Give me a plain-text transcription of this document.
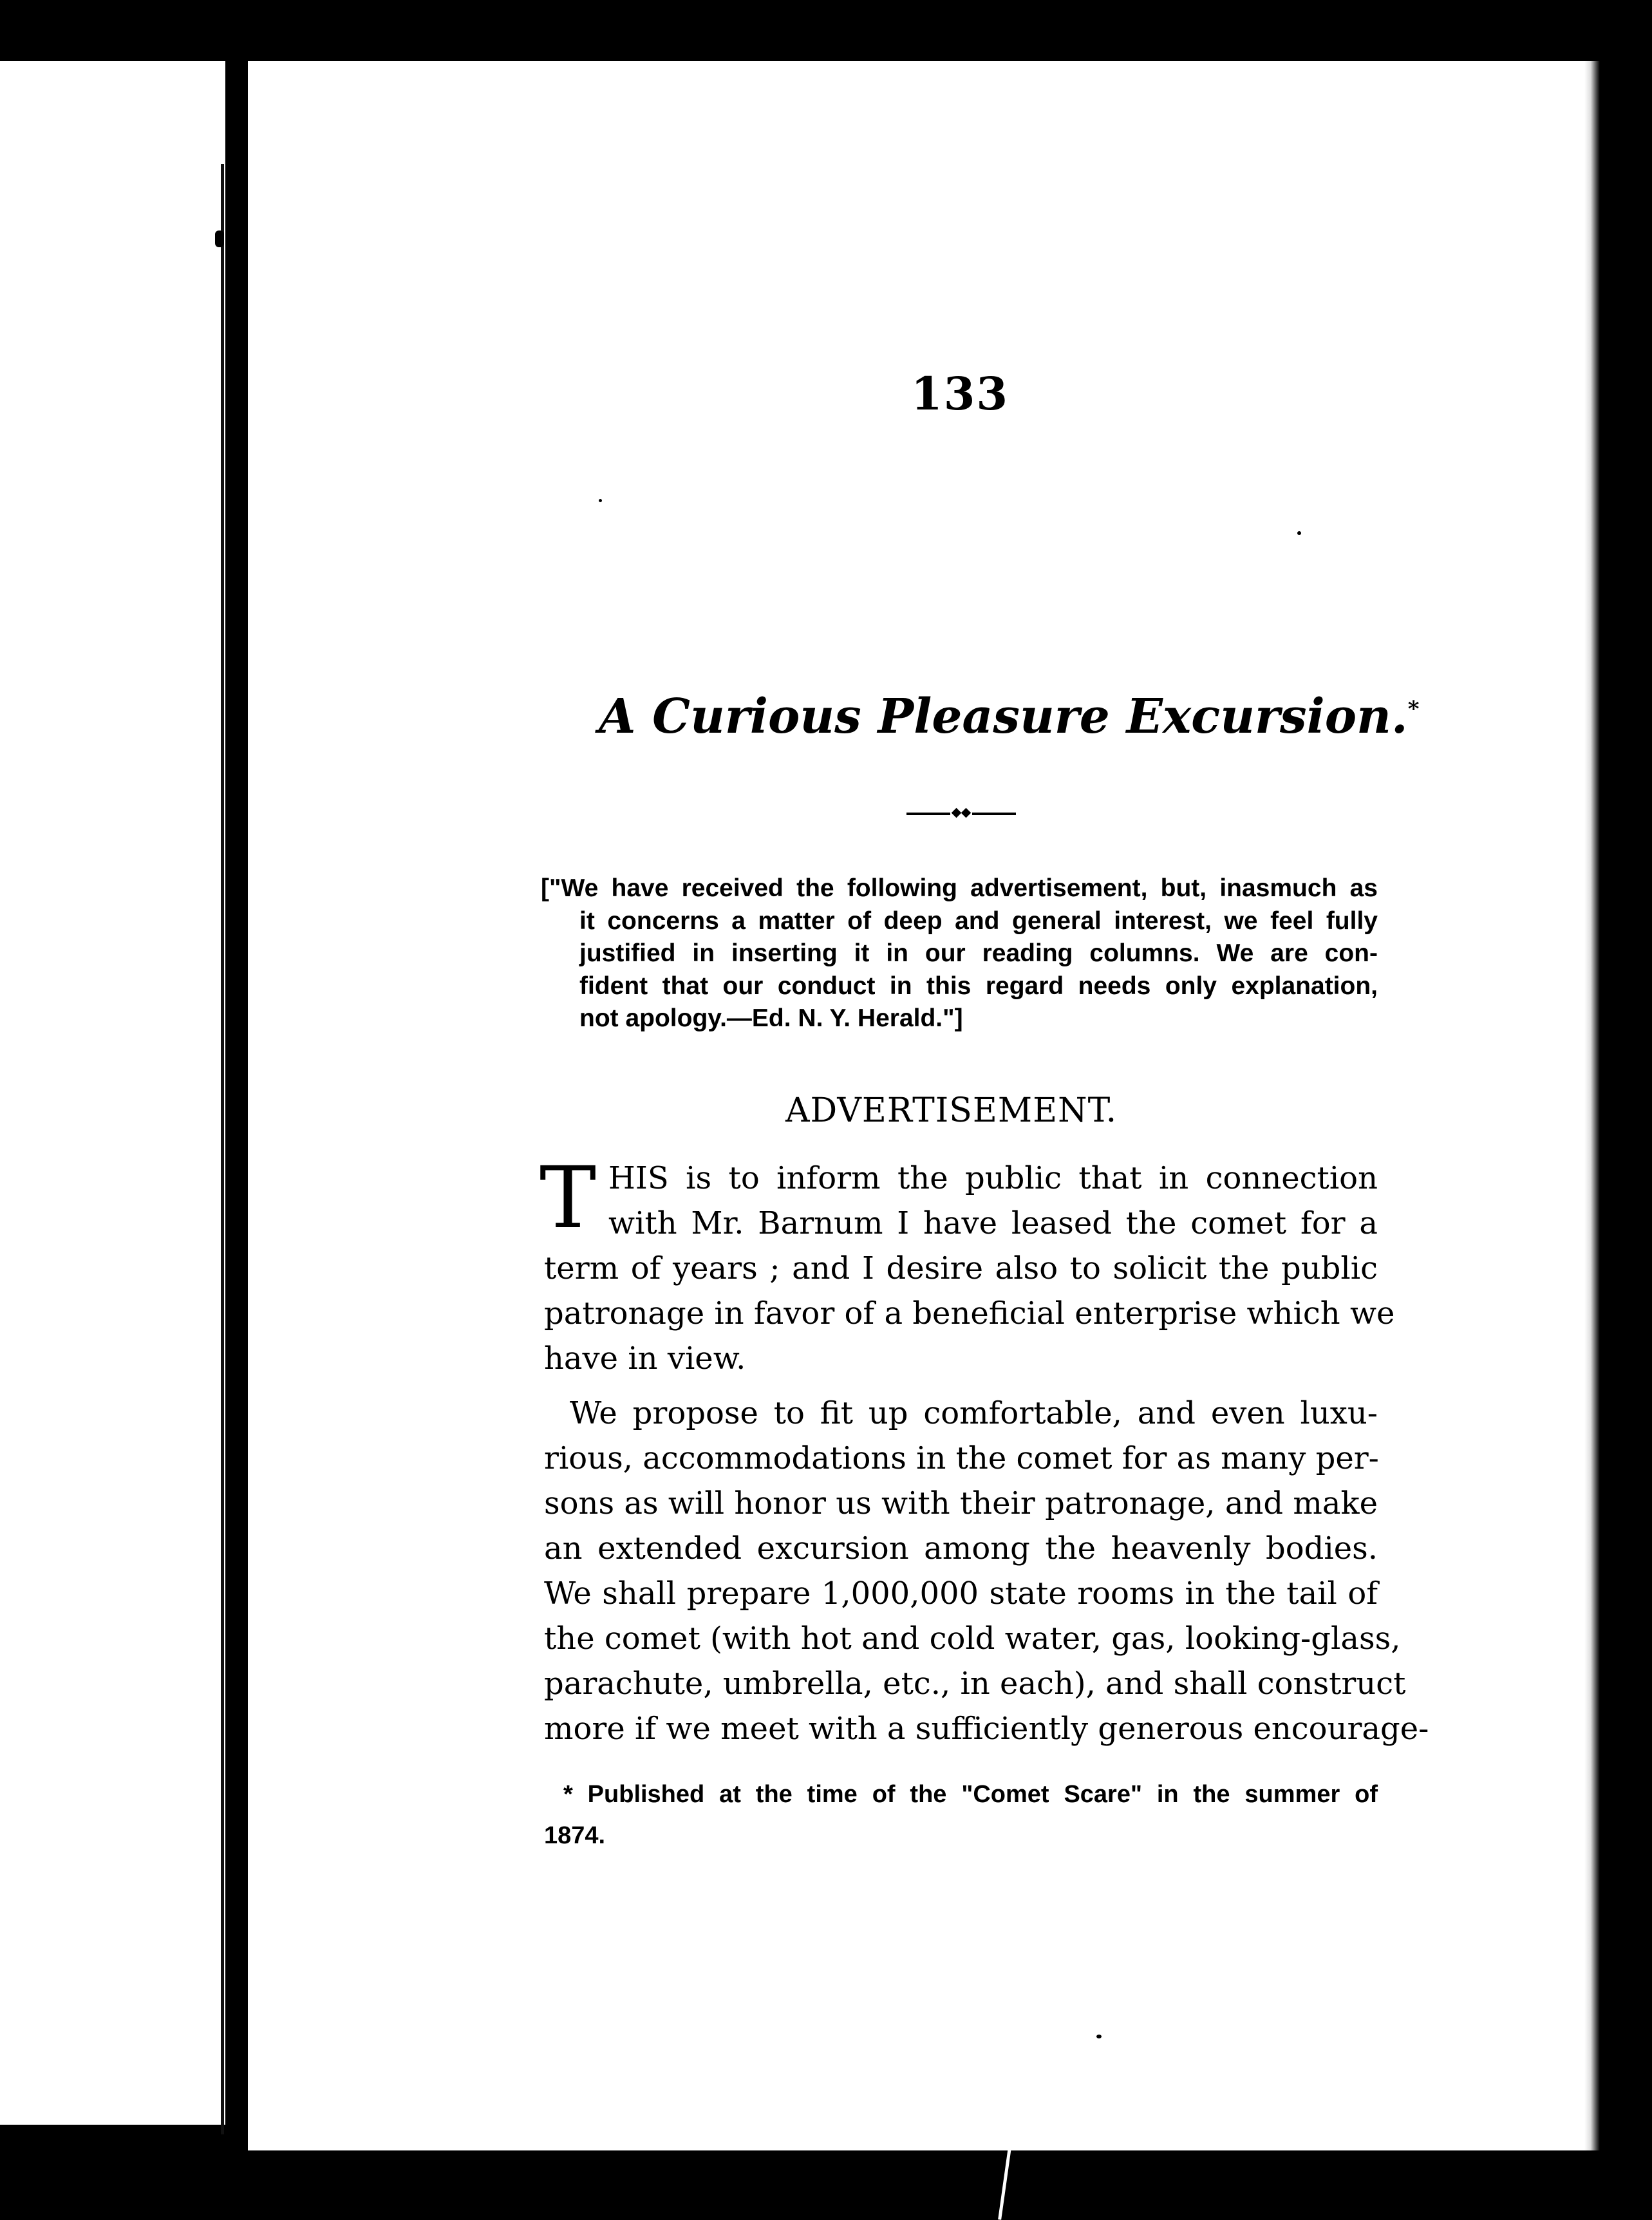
133
A Curious Pleasure Excursion.*
["We have received the following advertisement, but, inasmuch as
it concerns a matter of deep and general interest, we feel fully
justified in inserting it in our reading columns. We are con-
fident that our conduct in this regard needs only explanation,
not apology.—Ed. N. Y. Herald."]
ADVERTISEMENT.
T HIS is to inform the public that in connection
with Mr. Barnum I have leased the comet for a
term of years ; and I desire also to solicit the public
patronage in favor of a beneficial enterprise which we
have in view.
We propose to fit up comfortable, and even luxu-
rious, accommodations in the comet for as many per-
sons as will honor us with their patronage, and make
an extended excursion among the heavenly bodies.
We shall prepare 1,000,000 state rooms in the tail of
the comet (with hot and cold water, gas, looking-glass,
parachute, umbrella, etc., in each), and shall construct
more if we meet with a sufficiently generous encourage-
* Published at the time of the "Comet Scare" in the summer of
1874.
